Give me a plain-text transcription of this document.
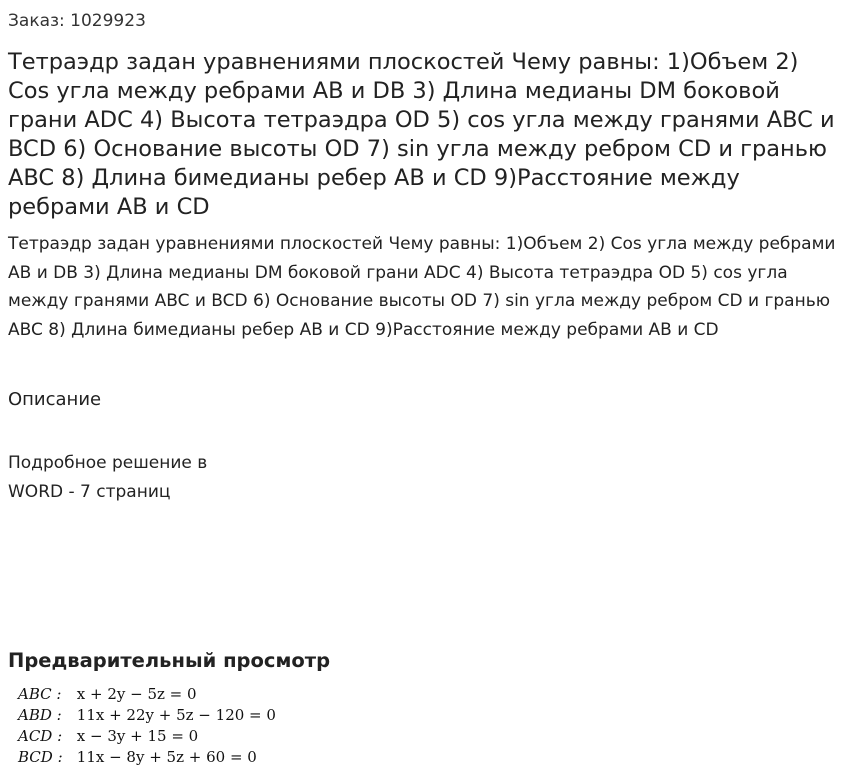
Заказ: 1029923
Тетраэдр задан уравнениями плоскостей Чему равны: 1)Объем 2) Cos угла между ребрами AB и DB 3) Длина медианы DM боковой грани ADC 4) Высота тетраэдра OD 5) cos угла между гранями ABC и BCD 6) Основание высоты OD 7) sin угла между ребром CD и гранью ABC 8) Длина бимедианы ребер AB и CD 9)Расстояние между ребрами AB и CD

Тетраэдр задан уравнениями плоскостей Чему равны: 1)Объем 2) Cos угла между ребрами AB и DB 3) Длина медианы DM боковой грани ADC 4) Высота тетраэдра OD 5) cos угла между гранями ABC и BCD 6) Основание высоты OD 7) sin угла между ребром CD и гранью ABC 8) Длина бимедианы ребер AB и CD 9)Расстояние между ребрами AB и CD

Описание

Подробное решение в
WORD - 7 страниц

Предварительный просмотр
ABC : x + 2y − 5z = 0
ABD : 11x + 22y + 5z − 120 = 0
ACD : x − 3y + 15 = 0
BCD : 11x − 8y + 5z + 60 = 0
